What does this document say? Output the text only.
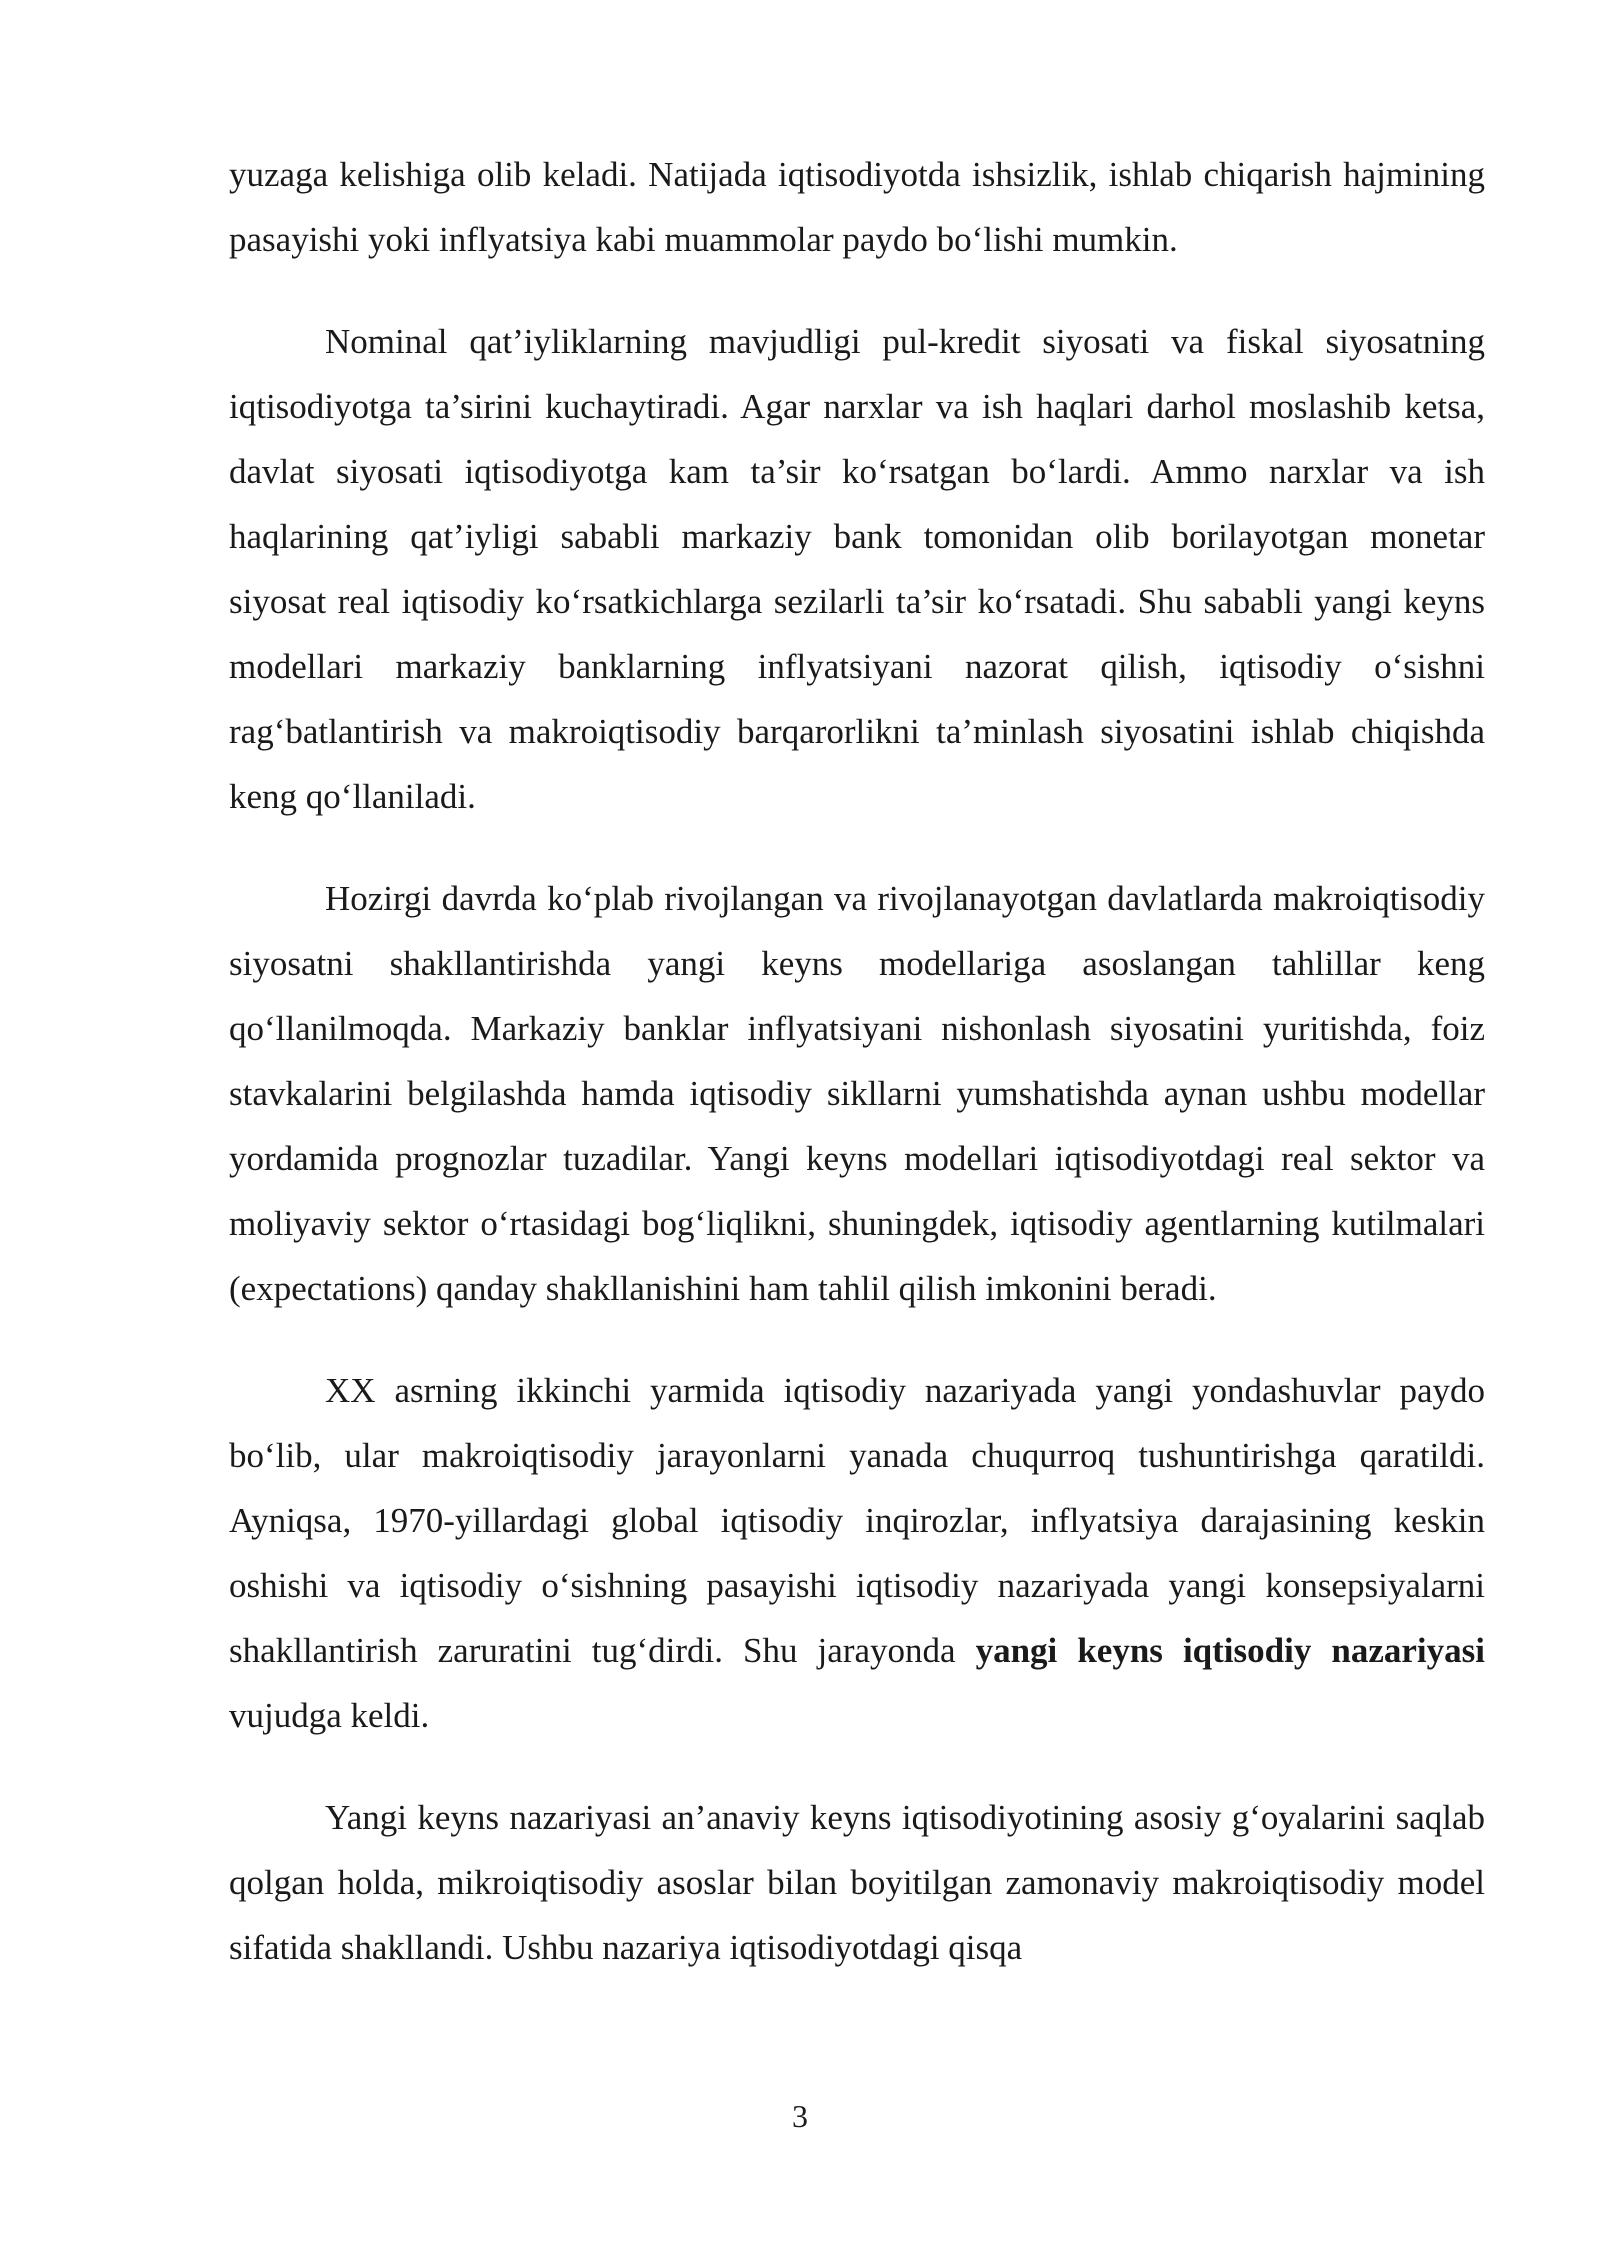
yuzaga kelishiga olib keladi. Natijada iqtisodiyotda ishsizlik, ishlab chiqarish hajmining pasayishi yoki inflyatsiya kabi muammolar paydo bo‘lishi mumkin.

Nominal qat’iyliklarning mavjudligi pul-kredit siyosati va fiskal siyosatning iqtisodiyotga ta’sirini kuchaytiradi. Agar narxlar va ish haqlari darhol moslashib ketsa, davlat siyosati iqtisodiyotga kam ta’sir ko‘rsatgan bo‘lardi. Ammo narxlar va ish haqlarining qat’iyligi sababli markaziy bank tomonidan olib borilayotgan monetar siyosat real iqtisodiy ko‘rsatkichlarga sezilarli ta’sir ko‘rsatadi. Shu sababli yangi keyns modellari markaziy banklarning inflyatsiyani nazorat qilish, iqtisodiy o‘sishni rag‘batlantirish va makroiqtisodiy barqarorlikni ta’minlash siyosatini ishlab chiqishda keng qo‘llaniladi.

Hozirgi davrda ko‘plab rivojlangan va rivojlanayotgan davlatlarda makroiqtisodiy siyosatni shakllantirishda yangi keyns modellariga asoslangan tahlillar keng qo‘llanilmoqda. Markaziy banklar inflyatsiyani nishonlash siyosatini yuritishda, foiz stavkalarini belgilashda hamda iqtisodiy sikllarni yumshatishda aynan ushbu modellar yordamida prognozlar tuzadilar. Yangi keyns modellari iqtisodiyotdagi real sektor va moliyaviy sektor o‘rtasidagi bog‘liqlikni, shuningdek, iqtisodiy agentlarning kutilmalari (expectations) qanday shakllanishini ham tahlil qilish imkonini beradi.

XX asrning ikkinchi yarmida iqtisodiy nazariyada yangi yondashuvlar paydo bo‘lib, ular makroiqtisodiy jarayonlarni yanada chuqurroq tushuntirishga qaratildi. Ayniqsa, 1970-yillardagi global iqtisodiy inqirozlar, inflyatsiya darajasining keskin oshishi va iqtisodiy o‘sishning pasayishi iqtisodiy nazariyada yangi konsepsiyalarni shakllantirish zaruratini tug‘dirdi. Shu jarayonda yangi keyns iqtisodiy nazariyasi vujudga keldi.

Yangi keyns nazariyasi an’anaviy keyns iqtisodiyotining asosiy g‘oyalarini saqlab qolgan holda, mikroiqtisodiy asoslar bilan boyitilgan zamonaviy makroiqtisodiy model sifatida shakllandi. Ushbu nazariya iqtisodiyotdagi qisqa

3
